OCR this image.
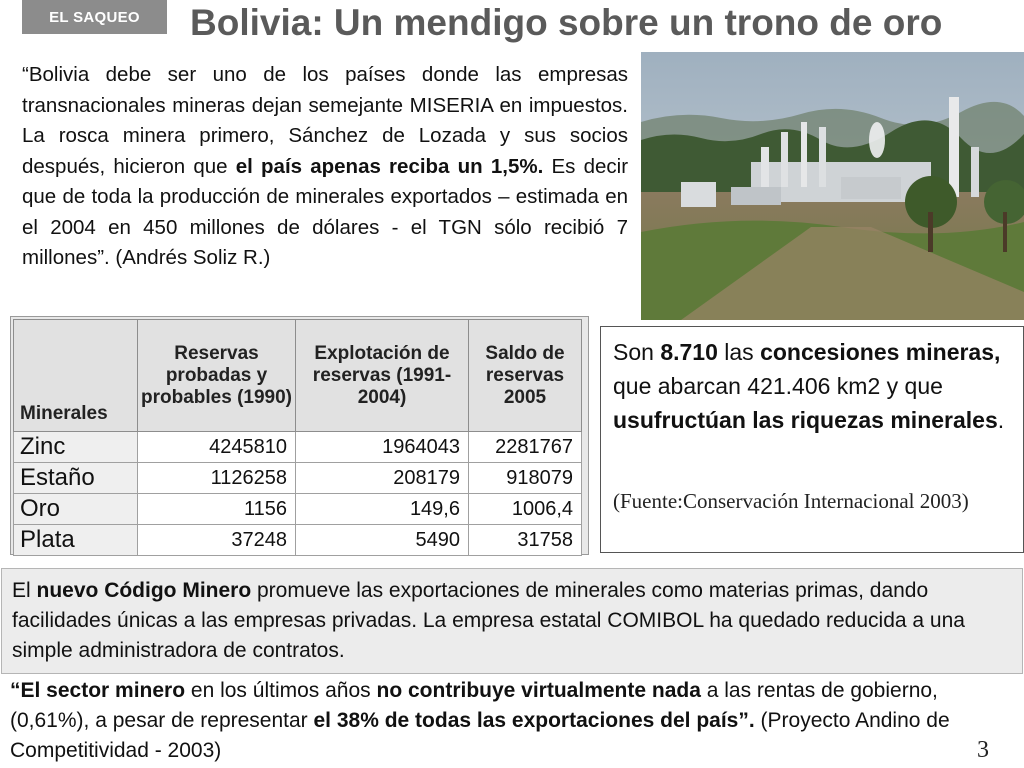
EL SAQUEO	Bolivia: Un mendigo sobre un trono de oro
“Bolivia debe ser uno de los países donde las empresas transnacionales mineras dejan semejante MISERIA en impuestos. La rosca minera primero, Sánchez de Lozada y sus socios después, hicieron que el país apenas reciba un 1,5%. Es decir que de toda la producción de minerales exportados – estimada en el 2004 en 450 millones de dólares - el TGN sólo recibió 7 millones”. (Andrés Soliz R.)
Minerales	Reservas probadas y probables (1990)	Explotación de reservas (1991-2004)	Saldo de reservas 2005
Zinc	4245810	1964043	2281767
Estaño	1126258	208179	918079
Oro	1156	149,6	1006,4
Plata	37248	5490	31758
Son 8.710 las concesiones mineras, que abarcan 421.406 km2 y que usufructúan las riquezas minerales.
(Fuente:Conservación Internacional 2003)

El nuevo Código Minero promueve las exportaciones de minerales como materias primas, dando facilidades únicas a las empresas privadas. La empresa estatal COMIBOL ha quedado reducida a una simple administradora de contratos.

“El sector minero en los últimos años no contribuye virtualmente nada a las rentas de gobierno, (0,61%), a pesar de representar el 38% de todas las exportaciones del país”. (Proyecto Andino de Competitividad - 2003)	3
